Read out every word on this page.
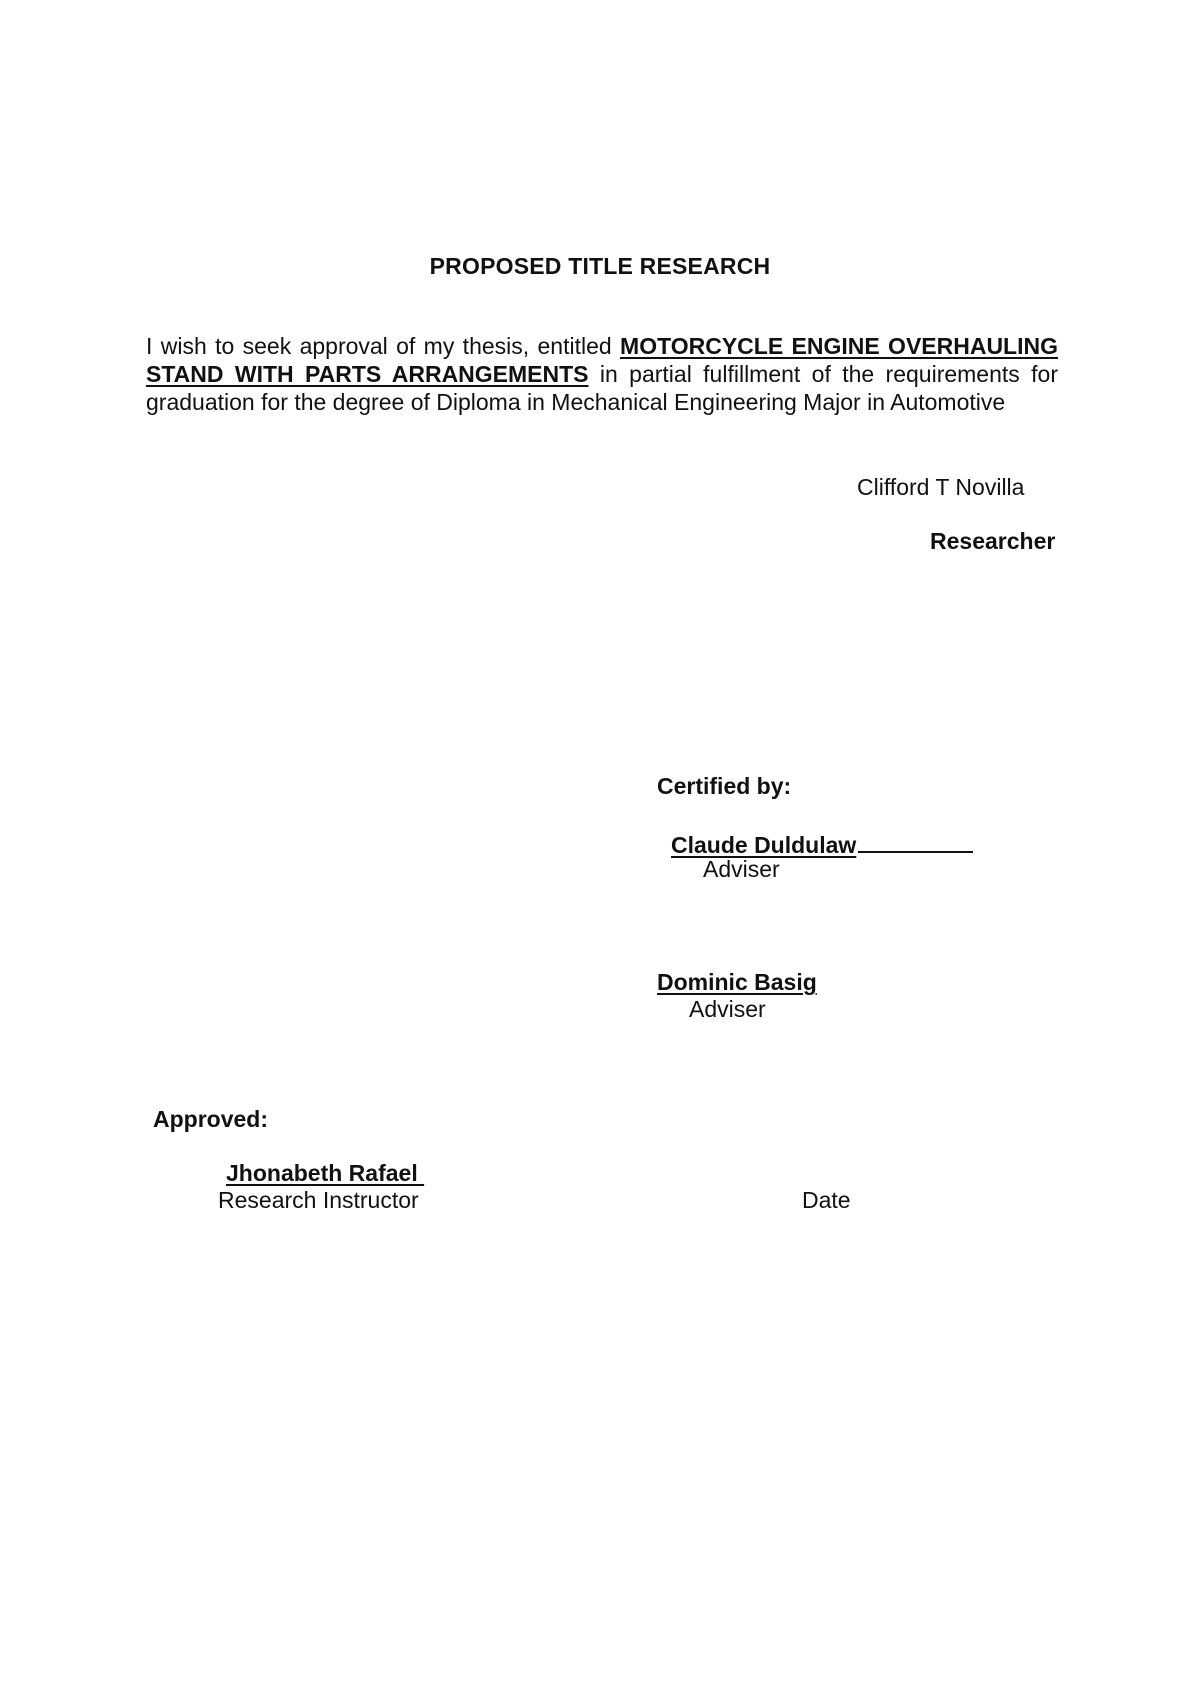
PROPOSED TITLE RESEARCH

I wish to seek approval of my thesis, entitled MOTORCYCLE ENGINE OVERHAULING STAND WITH PARTS ARRANGEMENTS in partial fulfillment of the requirements for graduation for the degree of Diploma in Mechanical Engineering Major in Automotive

Clifford T Novilla
Researcher
Certified by:
Claude Duldulaw
Adviser
Dominic Basig
Adviser
Approved:
Jhonabeth Rafael
Research Instructor	Date
